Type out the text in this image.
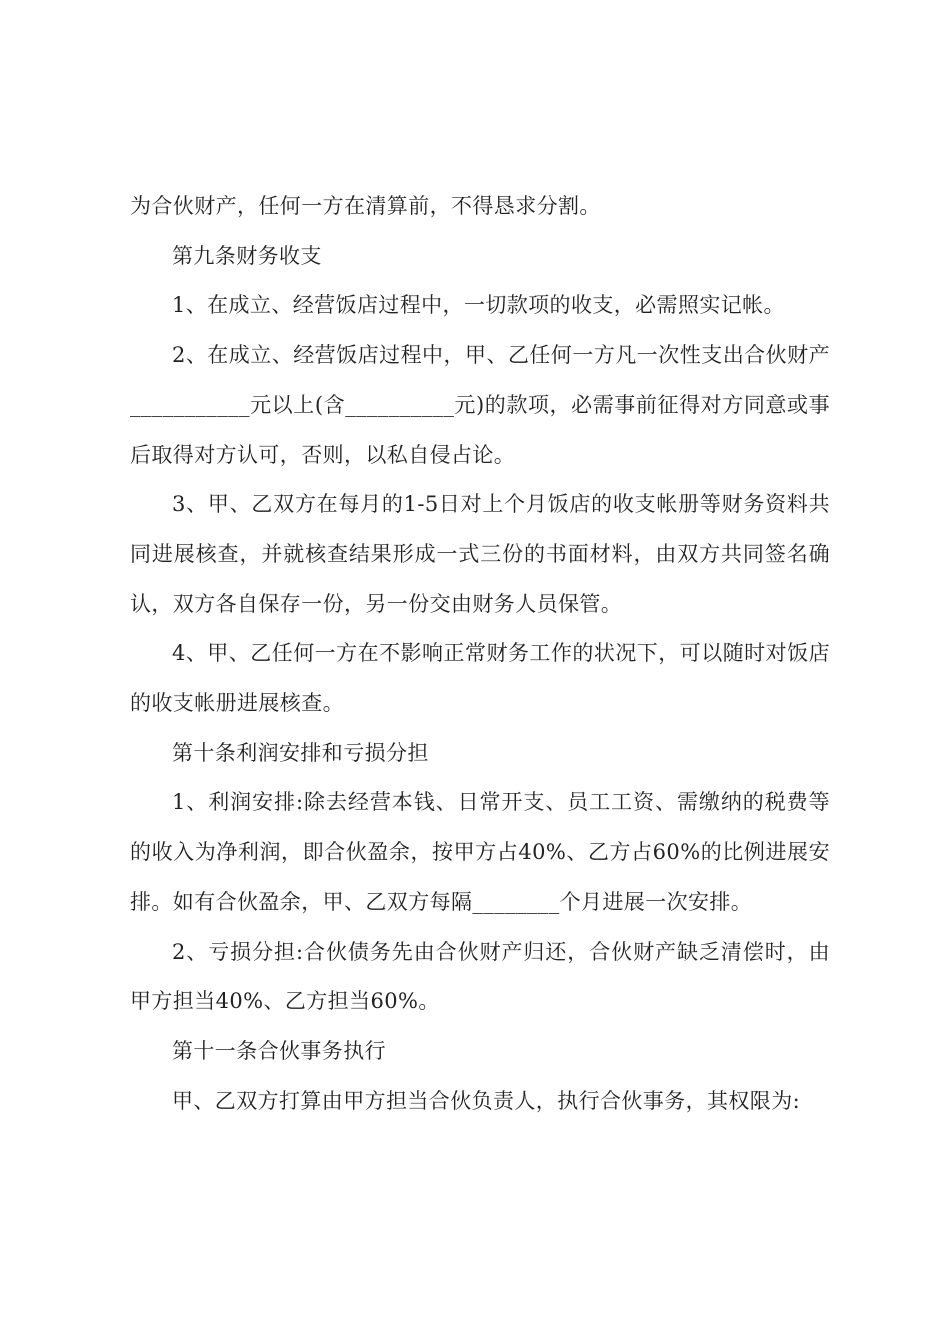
为合伙财产，任何一方在清算前，不得恳求分割。

第九条财务收支

1、在成立、经营饭店过程中，一切款项的收支，必需照实记帐。

2、在成立、经营饭店过程中，甲、乙任何一方凡一次性支出合伙财产___________元以上(含__________元)的款项，必需事前征得对方同意或事后取得对方认可，否则，以私自侵占论。

3、甲、乙双方在每月的1-5日对上个月饭店的收支帐册等财务资料共同进展核查，并就核查结果形成一式三份的书面材料，由双方共同签名确认，双方各自保存一份，另一份交由财务人员保管。

4、甲、乙任何一方在不影响正常财务工作的状况下，可以随时对饭店的收支帐册进展核查。

第十条利润安排和亏损分担

1、利润安排:除去经营本钱、日常开支、员工工资、需缴纳的税费等的收入为净利润，即合伙盈余，按甲方占40%、乙方占60%的比例进展安排。如有合伙盈余，甲、乙双方每隔________个月进展一次安排。

2、亏损分担:合伙债务先由合伙财产归还，合伙财产缺乏清偿时，由甲方担当40%、乙方担当60%。

第十一条合伙事务执行

甲、乙双方打算由甲方担当合伙负责人，执行合伙事务，其权限为:
